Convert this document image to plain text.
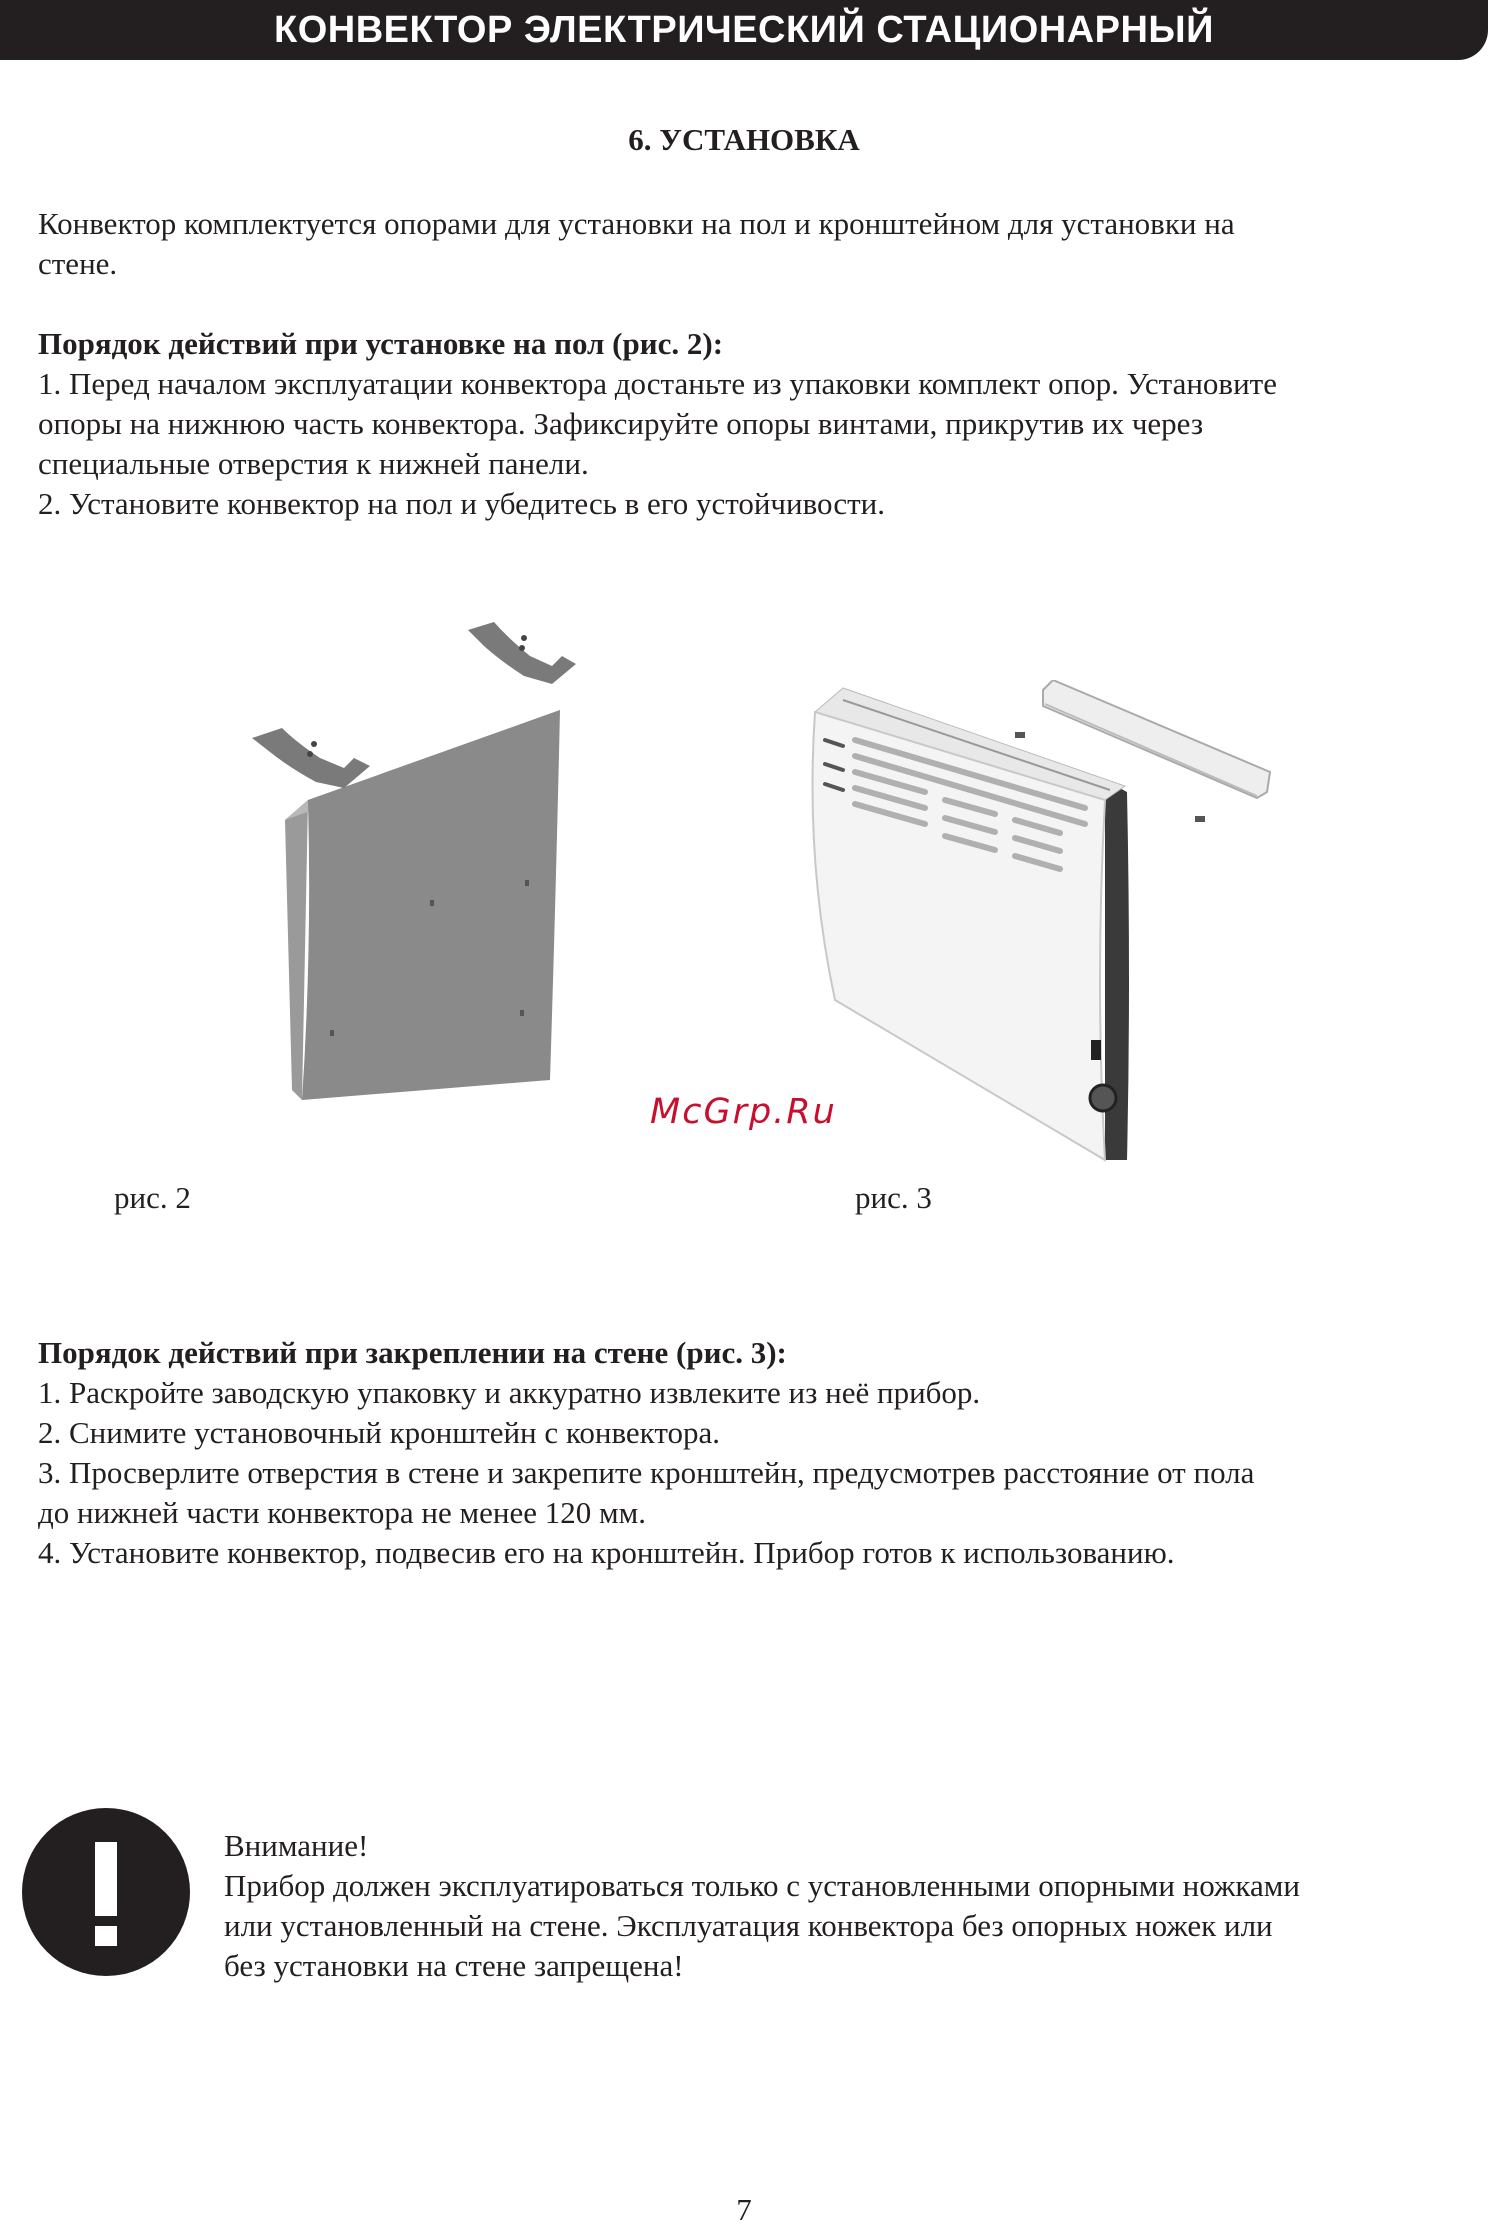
КОНВЕКТОР ЭЛЕКТРИЧЕСКИЙ СТАЦИОНАРНЫЙ
6. УСТАНОВКА
Конвектор комплектуется опорами для установки на пол и кронштейном для установки на
стене.
Порядок действий при установке на пол (рис. 2):
1. Перед началом эксплуатации конвектора достаньте из упаковки комплект опор. Установите
опоры на нижнюю часть конвектора. Зафиксируйте опоры винтами, прикрутив их через
специальные отверстия к нижней панели.
2. Установите конвектор на пол и убедитесь в его устойчивости.
McGrp.Ru
рис. 2	рис. 3
Порядок действий при закреплении на стене (рис. 3):
1. Раскройте заводскую упаковку и аккуратно извлеките из неё прибор.
2. Снимите установочный кронштейн с конвектора.
3. Просверлите отверстия в стене и закрепите кронштейн, предусмотрев расстояние от пола
до нижней части конвектора не менее 120 мм.
4. Установите конвектор, подвесив его на кронштейн. Прибор готов к использованию.
Внимание!
Прибор должен эксплуатироваться только с установленными опорными ножками
или установленный на стене. Эксплуатация конвектора без опорных ножек или
без установки на стене запрещена!
7
